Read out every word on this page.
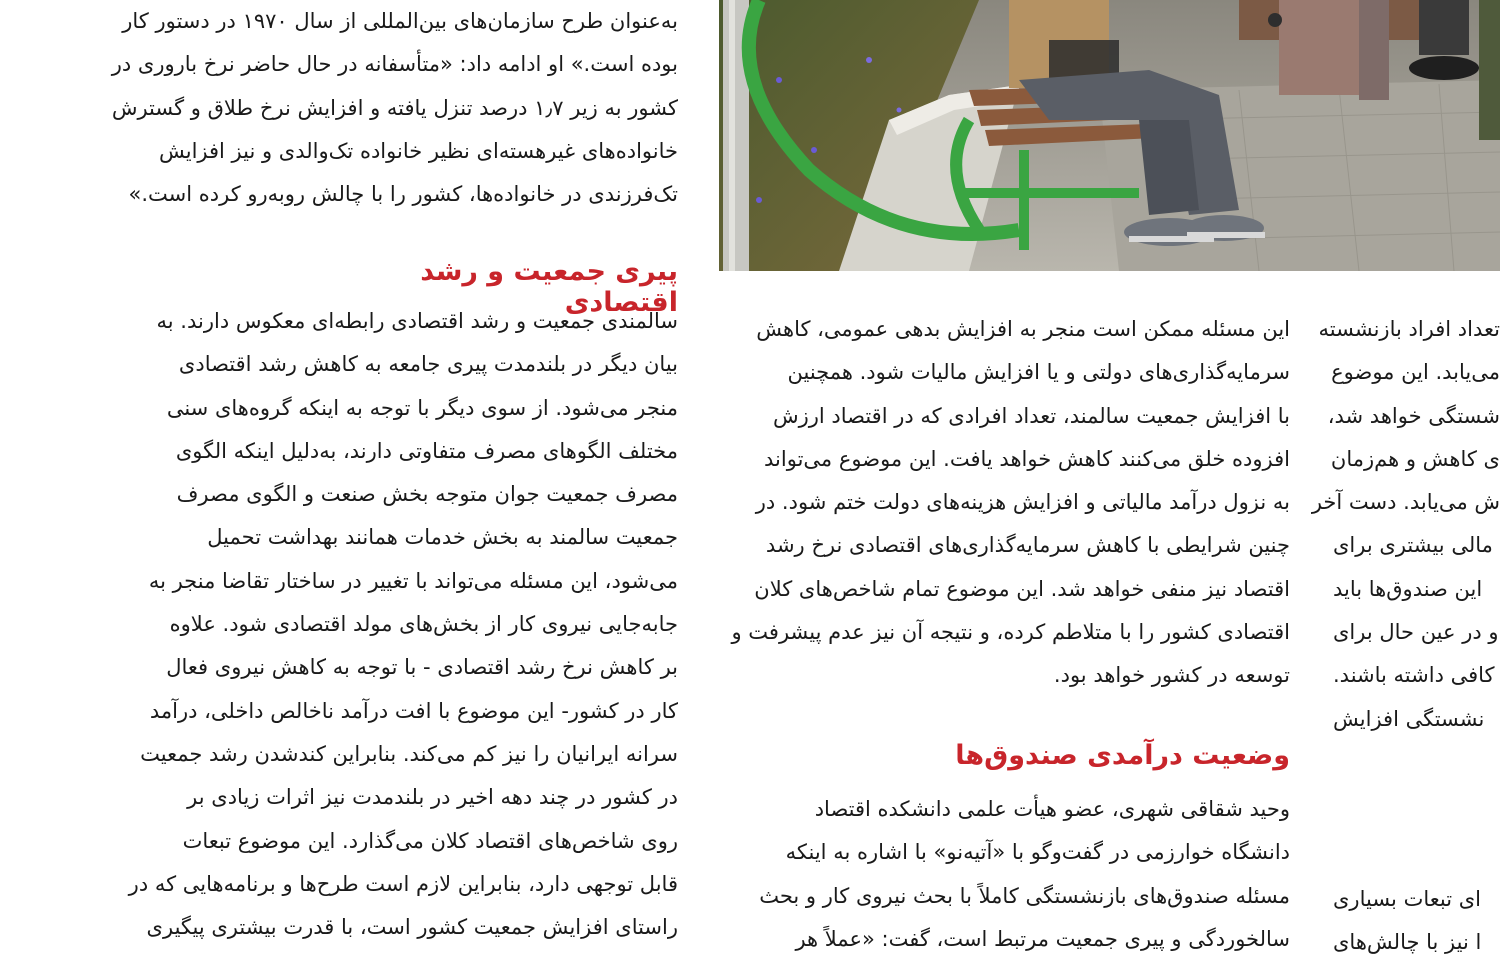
به‌عنوان طرح سازمان‌های بین‌المللی از سال ۱۹۷۰ در دستور کار
بوده است.» او ادامه داد: «متأسفانه در حال حاضر نرخ باروری در
کشور به زیر ۱٫۷ درصد تنزل یافته و افزایش نرخ طلاق و گسترش
خانواده‌های غیرهسته‌ای نظیر خانواده تک‌والدی و نیز افزایش
تک‌فرزندی در خانواده‌ها، کشور را با چالش روبه‌رو کرده است.»
سالمندی جمعیت و رشد اقتصادی رابطه‌ای معکوس دارند. به
بیان دیگر در بلندمدت پیری جامعه به کاهش رشد اقتصادی
منجر می‌شود. از سوی دیگر با توجه به اینکه گروه‌های سنی
مختلف الگوهای مصرف متفاوتی دارند، به‌دلیل اینکه الگوی
مصرف جمعیت جوان متوجه بخش صنعت و الگوی مصرف
جمعیت سالمند به بخش خدمات همانند بهداشت تحمیل
می‌شود، این مسئله می‌تواند با تغییر در ساختار تقاضا منجر به
جابه‌جایی نیروی کار از بخش‌های مولد اقتصادی شود. علاوه
بر کاهش نرخ رشد اقتصادی - با توجه به کاهش نیروی فعال
کار در کشور- این موضوع با افت درآمد ناخالص داخلی، درآمد
سرانه ایرانیان را نیز کم می‌کند. بنابراین کندشدن رشد جمعیت
در کشور در چند دهه اخیر در بلندمدت نیز اثرات زیادی بر
روی شاخص‌های اقتصاد کلان می‌گذارد. این موضوع تبعات
قابل توجهی دارد، بنابراین لازم است طرح‌ها و برنامه‌هایی که در
راستای افزایش جمعیت کشور است، با قدرت بیشتری پیگیری
پیری جمعیت و رشد اقتصادی
این مسئله ممکن است منجر به افزایش بدهی عمومی، کاهش
سرمایه‌گذاری‌های دولتی و یا افزایش مالیات شود. همچنین
با افزایش جمعیت سالمند، تعداد افرادی که در اقتصاد ارزش
افزوده خلق می‌کنند کاهش خواهد یافت. این موضوع می‌تواند
به نزول درآمد مالیاتی و افزایش هزینه‌های دولت ختم شود. در
چنین شرایطی با کاهش سرمایه‌گذاری‌های اقتصادی نرخ رشد
اقتصاد نیز منفی خواهد شد. این موضوع تمام شاخص‌های کلان
اقتصادی کشور را با متلاطم کرده، و نتیجه آن نیز عدم پیشرفت و
توسعه در کشور خواهد بود.
وحید شقاقی شهری، عضو هیأت علمی دانشکده اقتصاد
دانشگاه خوارزمی در گفت‌وگو با «آتیه‌نو» با اشاره به اینکه
مسئله صندوق‌های بازنشستگی کاملاً با بحث نیروی کار و بحث
سالخوردگی و پیری جمعیت مرتبط است، گفت: «عملاً هر
وضعیت درآمدی صندوق‌ها
تعداد افراد بازنشسته
می‌یابد. این موضوع
شستگی خواهد شد،
ی کاهش و هم‌زمان
ش می‌یابد. دست آخر
مالی بیشتری برای
این صندوق‌ها باید
و در عین حال برای
کافی داشته باشند.
نشستگی افزایش
ای تبعات بسیاری
ا نیز با چالش‌های
